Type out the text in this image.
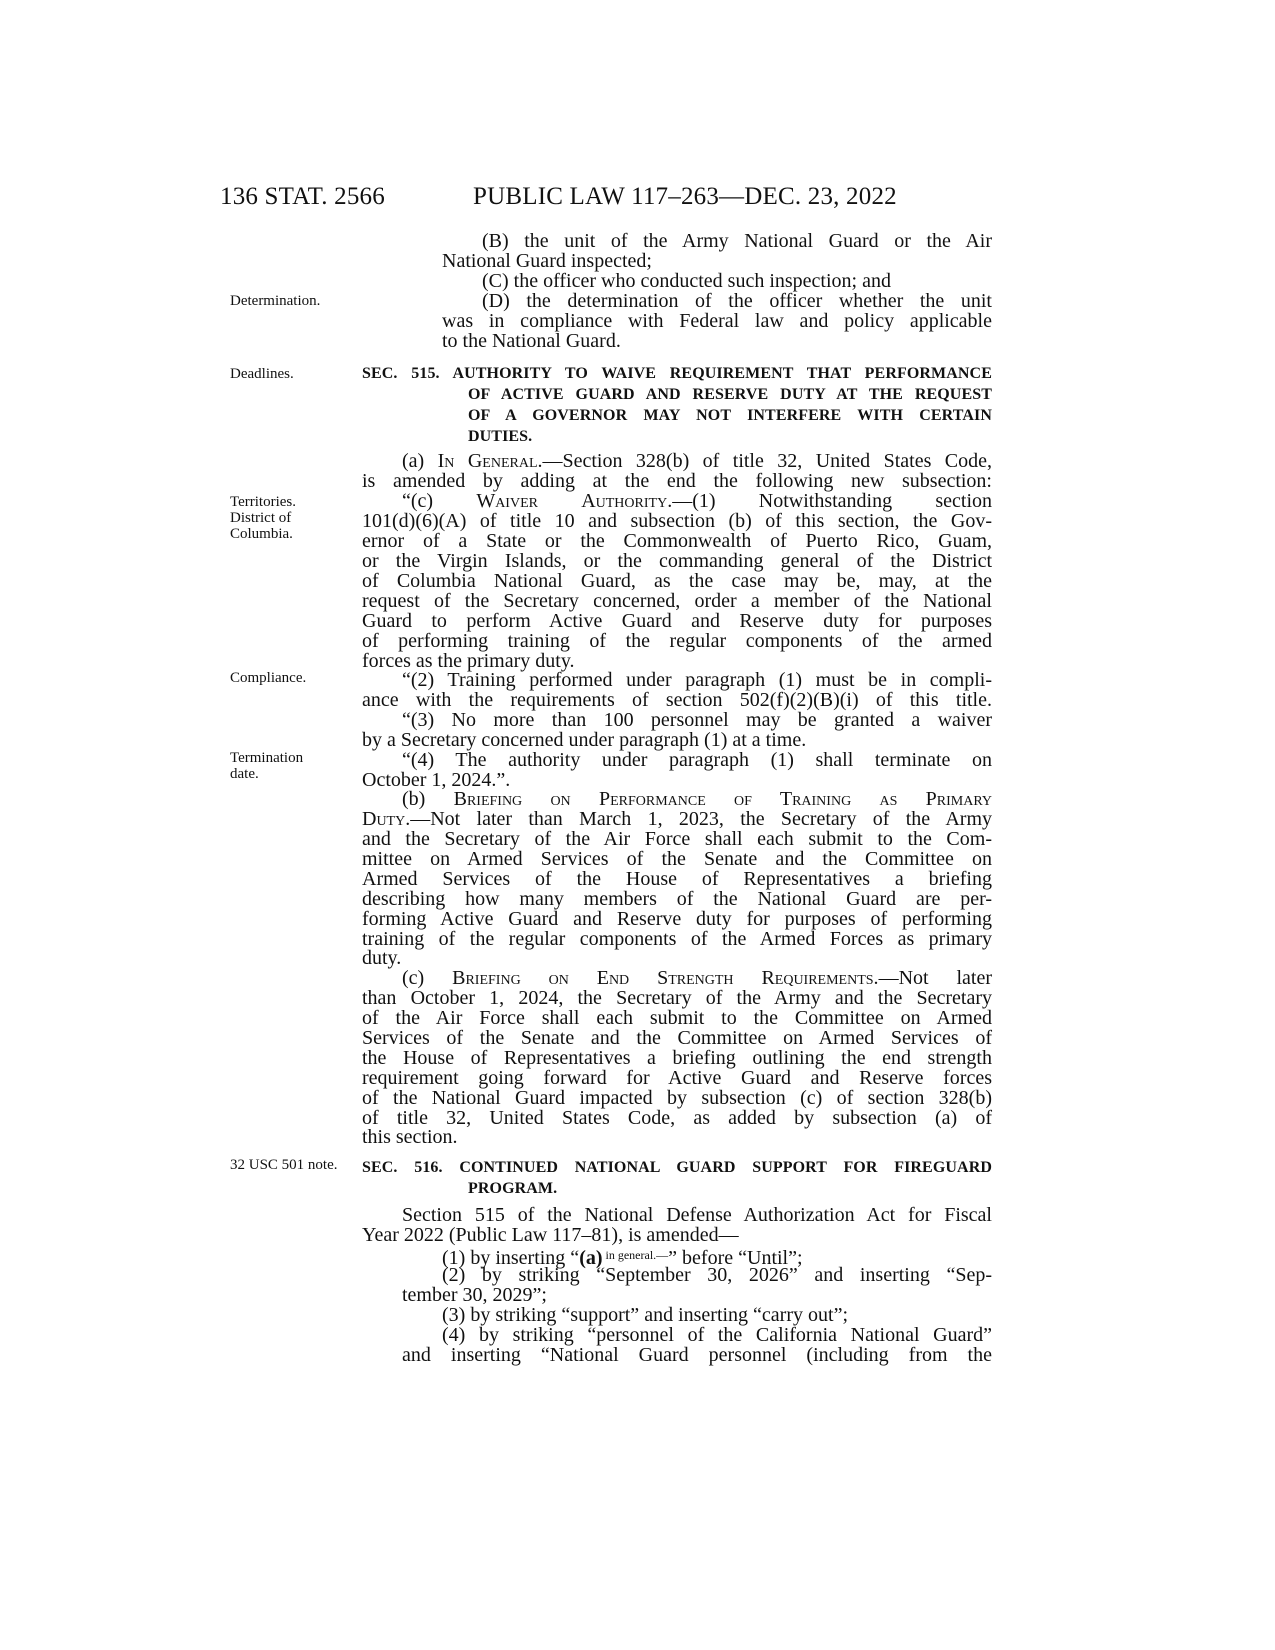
136 STAT. 2566	PUBLIC LAW 117–263—DEC. 23, 2022
Determination.
Deadlines.
Territories.
District of
Columbia.
Compliance.
Termination
date.
32 USC 501 note.
(B) the unit of the Army National Guard or the Air
National Guard inspected;
(C) the officer who conducted such inspection; and
(D) the determination of the officer whether the unit
was in compliance with Federal law and policy applicable
to the National Guard.
SEC. 515. AUTHORITY TO WAIVE REQUIREMENT THAT PERFORMANCE
OF ACTIVE GUARD AND RESERVE DUTY AT THE REQUEST
OF A GOVERNOR MAY NOT INTERFERE WITH CERTAIN
DUTIES.
(a) In General.—Section 328(b) of title 32, United States Code,
is amended by adding at the end the following new subsection:
“(c) Waiver Authority.—(1) Notwithstanding section
101(d)(6)(A) of title 10 and subsection (b) of this section, the Gov-
ernor of a State or the Commonwealth of Puerto Rico, Guam,
or the Virgin Islands, or the commanding general of the District
of Columbia National Guard, as the case may be, may, at the
request of the Secretary concerned, order a member of the National
Guard to perform Active Guard and Reserve duty for purposes
of performing training of the regular components of the armed
forces as the primary duty.
“(2) Training performed under paragraph (1) must be in compli-
ance with the requirements of section 502(f)(2)(B)(i) of this title.
“(3) No more than 100 personnel may be granted a waiver
by a Secretary concerned under paragraph (1) at a time.
“(4) The authority under paragraph (1) shall terminate on
October 1, 2024.”.
(b) Briefing on Performance of Training as Primary
Duty.—Not later than March 1, 2023, the Secretary of the Army
and the Secretary of the Air Force shall each submit to the Com-
mittee on Armed Services of the Senate and the Committee on
Armed Services of the House of Representatives a briefing
describing how many members of the National Guard are per-
forming Active Guard and Reserve duty for purposes of performing
training of the regular components of the Armed Forces as primary
duty.
(c) Briefing on End Strength Requirements.—Not later
than October 1, 2024, the Secretary of the Army and the Secretary
of the Air Force shall each submit to the Committee on Armed
Services of the Senate and the Committee on Armed Services of
the House of Representatives a briefing outlining the end strength
requirement going forward for Active Guard and Reserve forces
of the National Guard impacted by subsection (c) of section 328(b)
of title 32, United States Code, as added by subsection (a) of
this section.
SEC. 516. CONTINUED NATIONAL GUARD SUPPORT FOR FIREGUARD
PROGRAM.
Section 515 of the National Defense Authorization Act for Fiscal
Year 2022 (Public Law 117–81), is amended—
(1) by inserting “(a) $^{in general.—}$” before “Until”;
(2) by striking “September 30, 2026” and inserting “Sep-
tember 30, 2029”;
(3) by striking “support” and inserting “carry out”;
(4) by striking “personnel of the California National Guard”
and inserting “National Guard personnel (including from the
